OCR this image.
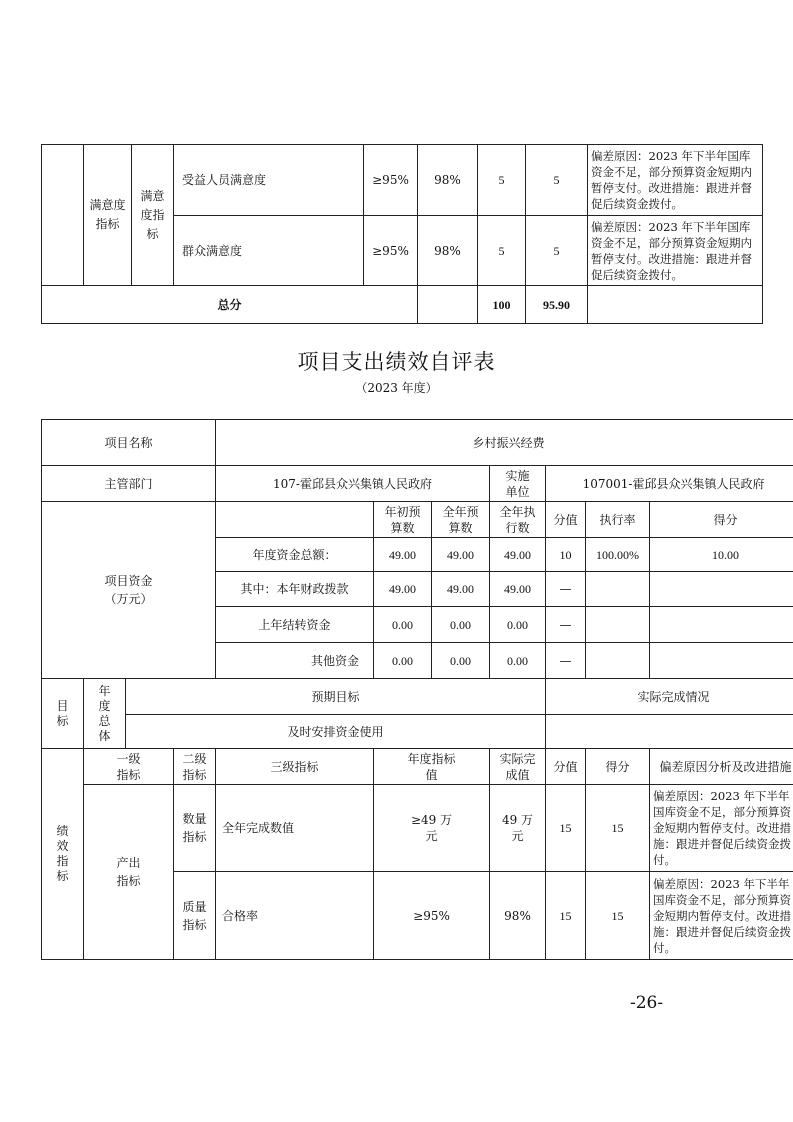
	满意度指标	满意度指标	受益人员满意度	≥95%	98%	5	5	偏差原因：2023 年下半年国库资金不足，部分预算资金短期内暂停支付。改进措施：跟进并督促后续资金拨付。
			群众满意度	≥95%	98%	5	5	偏差原因：2023 年下半年国库资金不足，部分预算资金短期内暂停支付。改进措施：跟进并督促后续资金拨付。
总分						100	95.90	
项目支出绩效自评表
（2023 年度）
项目名称				乡村振兴经费						
主管部门				107-霍邱县众兴集镇人民政府			实施单位	107001-霍邱县众兴集镇人民政府		
项目资金（万元）					年初预算数	全年预算数	全年执行数	分值	执行率	得分
				年度资金总额：	49.00	49.00	49.00	10	100.00%	10.00
				其中：本年财政拨款	49.00	49.00	49.00	—		
				上年结转资金	0.00	0.00	0.00	—		
				其他资金	0.00	0.00	0.00	—		
目标	年度总体	预期目标						实际完成情况		
		及时安排资金使用								
绩效指标	一级指标		二级指标	三级指标	年度指标值		实际完成值	分值	得分	偏差原因分析及改进措施
	产出指标		数量指标	全年完成数值	≥49 万元		49 万元	15	15	偏差原因：2023 年下半年国库资金不足，部分预算资金短期内暂停支付。改进措施：跟进并督促后续资金拨付。
			质量指标	合格率	≥95%		98%	15	15	偏差原因：2023 年下半年国库资金不足，部分预算资金短期内暂停支付。改进措施：跟进并督促后续资金拨付。
-26-
